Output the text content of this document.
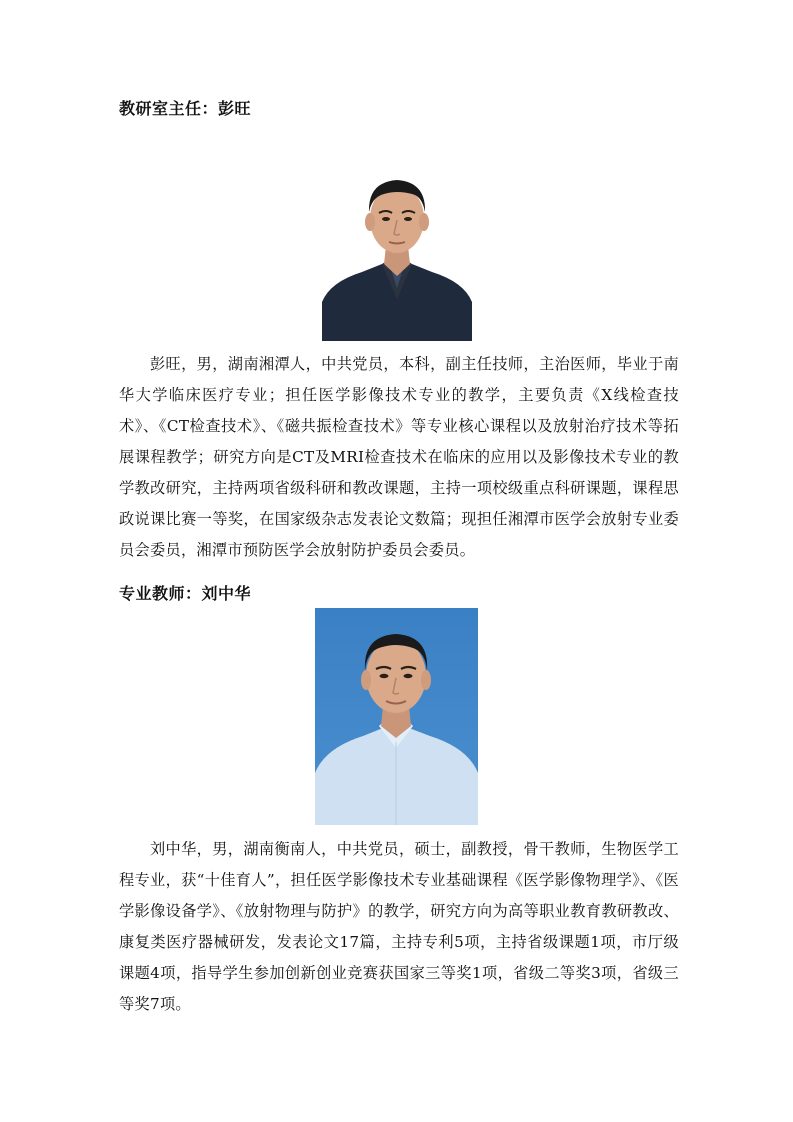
教研室主任：彭旺
彭旺，男，湖南湘潭人，中共党员，本科，副主任技师，主治医师，毕业于南华大学临床医疗专业；担任医学影像技术专业的教学，主要负责《X线检查技术》、《CT检查技术》、《磁共振检查技术》等专业核心课程以及放射治疗技术等拓展课程教学；研究方向是CT及MRI检查技术在临床的应用以及影像技术专业的教学教改研究，主持两项省级科研和教改课题，主持一项校级重点科研课题，课程思政说课比赛一等奖，在国家级杂志发表论文数篇；现担任湘潭市医学会放射专业委员会委员，湘潭市预防医学会放射防护委员会委员。
专业教师：刘中华
刘中华，男，湖南衡南人，中共党员，硕士，副教授，骨干教师，生物医学工程专业，获“十佳育人”，担任医学影像技术专业基础课程《医学影像物理学》、《医学影像设备学》、《放射物理与防护》的教学，研究方向为高等职业教育教研教改、康复类医疗器械研发，发表论文17篇，主持专利5项，主持省级课题1项，市厅级课题4项，指导学生参加创新创业竞赛获国家三等奖1项，省级二等奖3项，省级三等奖7项。
